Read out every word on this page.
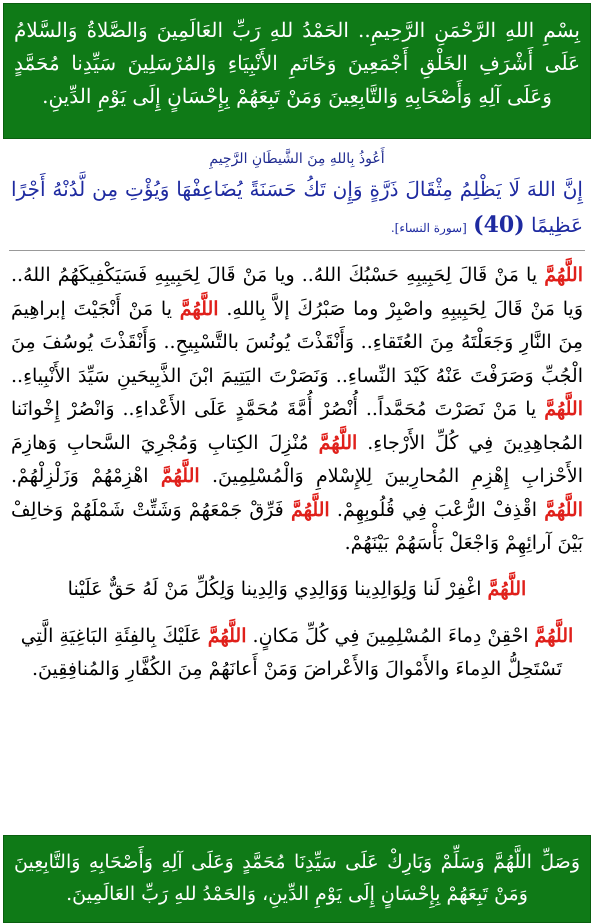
بِسْمِ اللهِ الرَّحْمَنِ الرَّحِيمِ.. الحَمْدُ للهِ رَبِّ العَالَمِينَ وَالصَّلاةُ وَالسَّلامُ عَلَى أَشْرَفِ الخَلْقِ أَجْمَعِينَ وَخَاتَمِ الأَنْبِيَاءِ وَالمُرْسَلِينَ سَيِّدِنا مُحَمَّدٍ وَعَلَى آلِهِ وَأَصْحَابِهِ وَالتَّابِعِينَ وَمَنْ تَبِعَهُمْ بِإِحْسَانٍ إِلَى يَوْمِ الدِّينِ.
أَعُوذُ بِاللهِ مِنَ الشَّيطَانِ الرَّجِيمِ
إِنَّ اللهَ لَا يَظْلِمُ مِثْقَالَ ذَرَّةٍ وَإِن تَكُ حَسَنَةً يُضَاعِفْهَا وَيُؤْتِ مِن لَّدُنْهُ أَجْرًا عَظِيمًا (40) [سورة النساء].
اللَّهُمَّ يا مَنْ قَالَ لِحَبِيبِهِ حَسْبُكَ اللهُ.. ويا مَنْ قَالَ لِحَبِيبِهِ فَسَيَكْفِيكَهُمُ اللهُ.. وَيا مَنْ قَالَ لِحَبِيبِهِ واصْبِرْ وما صَبْرُكَ إلاَّ بِاللهِ. اللَّهُمَّ يا مَنْ أَنْجَيْتَ إبراهِيمَ مِنَ النَّارِ وَجَعَلْتَهُ مِنَ العُتَقاءِ.. وَأَنْقَذْتَ يُونُسَ بالتَّسْبِيحِ.. وَأَنْقَذْتَ يُوسُفَ مِنَ الْجُبِّ وَصَرَفْتَ عَنْهُ كَيْدَ النِّساءِ.. وَنَصَرْتَ اليَتِيمَ ابْنَ الذَّبِيحَينِ سَيِّدَ الأَنْبِياءِ.. اللَّهُمَّ يا مَنْ نَصَرْتَ مُحَمَّداً.. أُنْصُرْ أُمَّةَ مُحَمَّدٍ عَلَى الأَعْداءِ.. وَانْصُرْ إِخْوانَنا المُجاهِدِينَ فِي كُلِّ الأَرْجاءِ. اللَّهُمَّ مُنْزِلَ الكِتابِ وَمُجْرِيَ السَّحابِ وَهازِمَ الأَحْزابِ إِهْزِمِ المُحارِبينَ لِلإِسْلامِ وَالْمُسْلِمِينَ. اللَّهُمَّ اهْزِمْهُمْ وَزَلْزِلْهُمْ. اللَّهُمَّ اقْذِفْ الرُّعْبَ فِي قُلُوبِهِمْ. اللَّهُمَّ فَرِّقْ جَمْعَهُمْ وَشَتِّتْ شَمْلَهُمْ وَخالِفْ بَيْنَ آرائِهِمْ وَاجْعَلْ بَأْسَهُمْ بَيْنَهُمْ.
اللَّهُمَّ اغْفِرْ لَنا وَلِوَالِدِينا وَوَالِدِي وَالِدِينا وَلِكُلِّ مَنْ لَهُ حَقٌّ عَلَيْنا
اللَّهُمَّ احْقِنْ دِماءَ المُسْلِمِينَ فِي كُلِّ مَكانٍ. اللَّهُمَّ عَلَيْكَ بِالفِئَةِ البَاغِيَةِ الَّتِي تَسْتَحِلُّ الدِماءَ والأَمْوالَ وَالأَعْراضَ وَمَنْ أَعانَهُمْ مِنَ الكُفَّارِ وَالمُنافِقِينَ.
وَصَلِّ اللَّهُمَّ وَسَلِّمْ وَبَارِكْ عَلَى سَيِّدِنَا مُحَمَّدٍ وَعَلَى آلِهِ وَأَصْحَابِهِ وَالتَّابِعِينَ وَمَنْ تَبِعَهُمْ بِإِحْسَانٍ إِلَى يَوْمِ الدِّينِ، وَالحَمْدُ للهِ رَبِّ العَالَمِينَ.
